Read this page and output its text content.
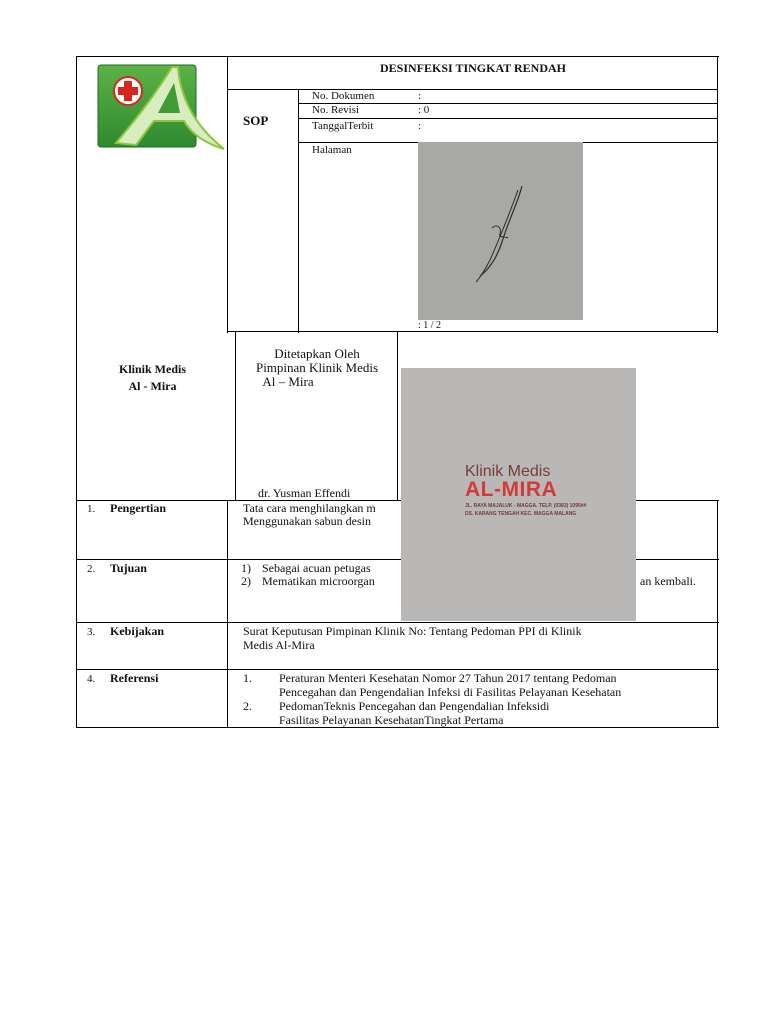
DESINFEKSI TINGKAT RENDAH
SOP
No. Dokumen	:
No. Revisi	: 0
TanggalTerbit	:
Halaman
: 1 / 2
Klinik Medis
Al - Mira
Ditetapkan Oleh
Pimpinan Klinik Medis
Al – Mira
dr. Yusman Effendi
1. Pengertian	Tata cara menghilangkan m
Menggunakan sabun desin
2. Tujuan	1) Sebagai acuan petugas
2) Mematikan microorgan	an kembali.
3. Kebijakan	Surat Keputusan Pimpinan Klinik No: Tentang Pedoman PPI di Klinik
Medis Al-Mira
4. Referensi	1. Peraturan Menteri Kesehatan Nomor 27 Tahun 2017 tentang Pedoman
Pencegahan dan Pengendalian Infeksi di Fasilitas Pelayanan Kesehatan
2. PedomanTeknis Pencegahan dan Pengendalian Infeksidi
Fasilitas Pelayanan KesehatanTingkat Pertama
Klinik Medis
AL-MIRA
JL. RAYA MAJALUK - MAGGA. TELP. (0383) 1095##
DS. KARANG TENGAH KEC. MAGGA MALANG
